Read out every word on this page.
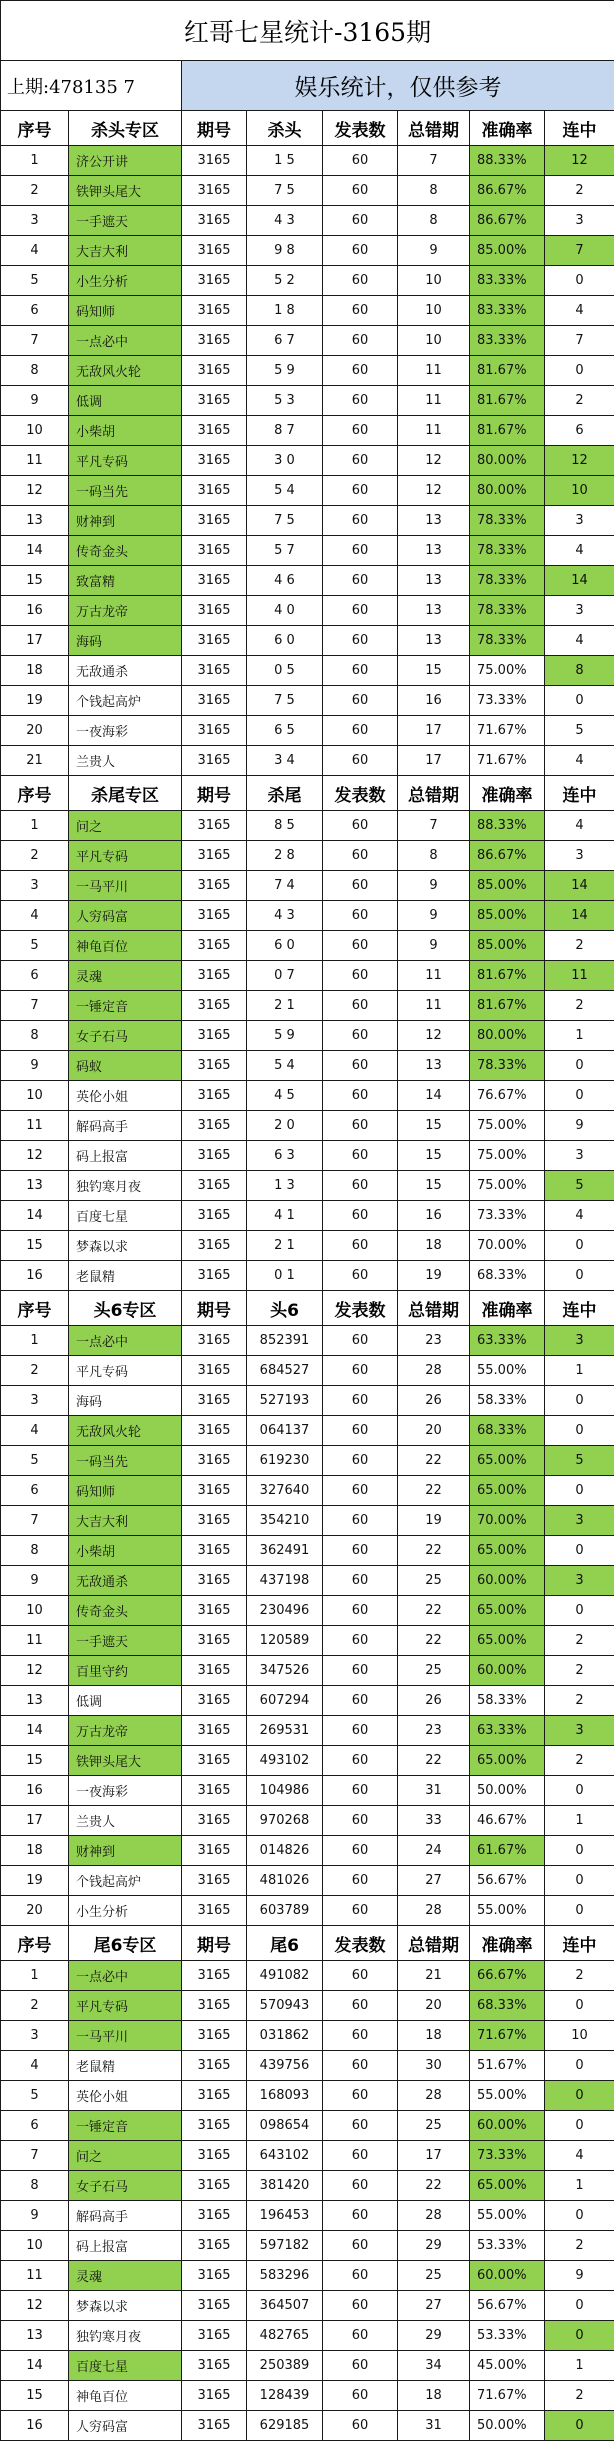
红哥七星统计-3165期							
上期:478135 7		娱乐统计，仅供参考					
序号	杀头专区	期号	杀头	发表数	总错期	准确率	连中
1	济公开讲	3165	1 5	60	7	88.33%	12
2	铁钾头尾大	3165	7 5	60	8	86.67%	2
3	一手遮天	3165	4 3	60	8	86.67%	3
4	大吉大利	3165	9 8	60	9	85.00%	7
5	小生分析	3165	5 2	60	10	83.33%	0
6	码知师	3165	1 8	60	10	83.33%	4
7	一点必中	3165	6 7	60	10	83.33%	7
8	无敌风火轮	3165	5 9	60	11	81.67%	0
9	低调	3165	5 3	60	11	81.67%	2
10	小柴胡	3165	8 7	60	11	81.67%	6
11	平凡专码	3165	3 0	60	12	80.00%	12
12	一码当先	3165	5 4	60	12	80.00%	10
13	财神到	3165	7 5	60	13	78.33%	3
14	传奇金头	3165	5 7	60	13	78.33%	4
15	致富精	3165	4 6	60	13	78.33%	14
16	万古龙帝	3165	4 0	60	13	78.33%	3
17	海码	3165	6 0	60	13	78.33%	4
18	无敌通杀	3165	0 5	60	15	75.00%	8
19	个钱起高炉	3165	7 5	60	16	73.33%	0
20	一夜海彩	3165	6 5	60	17	71.67%	5
21	兰贵人	3165	3 4	60	17	71.67%	4
序号	杀尾专区	期号	杀尾	发表数	总错期	准确率	连中
1	问之	3165	8 5	60	7	88.33%	4
2	平凡专码	3165	2 8	60	8	86.67%	3
3	一马平川	3165	7 4	60	9	85.00%	14
4	人穷码富	3165	4 3	60	9	85.00%	14
5	神龟百位	3165	6 0	60	9	85.00%	2
6	灵魂	3165	0 7	60	11	81.67%	11
7	一锤定音	3165	2 1	60	11	81.67%	2
8	女子石马	3165	5 9	60	12	80.00%	1
9	码蚁	3165	5 4	60	13	78.33%	0
10	英伦小姐	3165	4 5	60	14	76.67%	0
11	解码高手	3165	2 0	60	15	75.00%	9
12	码上报富	3165	6 3	60	15	75.00%	3
13	独钓寒月夜	3165	1 3	60	15	75.00%	5
14	百度七星	3165	4 1	60	16	73.33%	4
15	梦森以求	3165	2 1	60	18	70.00%	0
16	老鼠精	3165	0 1	60	19	68.33%	0
序号	头6专区	期号	头6	发表数	总错期	准确率	连中
1	一点必中	3165	852391	60	23	63.33%	3
2	平凡专码	3165	684527	60	28	55.00%	1
3	海码	3165	527193	60	26	58.33%	0
4	无敌风火轮	3165	064137	60	20	68.33%	0
5	一码当先	3165	619230	60	22	65.00%	5
6	码知师	3165	327640	60	22	65.00%	0
7	大吉大利	3165	354210	60	19	70.00%	3
8	小柴胡	3165	362491	60	22	65.00%	0
9	无敌通杀	3165	437198	60	25	60.00%	3
10	传奇金头	3165	230496	60	22	65.00%	0
11	一手遮天	3165	120589	60	22	65.00%	2
12	百里守约	3165	347526	60	25	60.00%	2
13	低调	3165	607294	60	26	58.33%	2
14	万古龙帝	3165	269531	60	23	63.33%	3
15	铁钾头尾大	3165	493102	60	22	65.00%	2
16	一夜海彩	3165	104986	60	31	50.00%	0
17	兰贵人	3165	970268	60	33	46.67%	1
18	财神到	3165	014826	60	24	61.67%	0
19	个钱起高炉	3165	481026	60	27	56.67%	0
20	小生分析	3165	603789	60	28	55.00%	0
序号	尾6专区	期号	尾6	发表数	总错期	准确率	连中
1	一点必中	3165	491082	60	21	66.67%	2
2	平凡专码	3165	570943	60	20	68.33%	0
3	一马平川	3165	031862	60	18	71.67%	10
4	老鼠精	3165	439756	60	30	51.67%	0
5	英伦小姐	3165	168093	60	28	55.00%	0
6	一锤定音	3165	098654	60	25	60.00%	0
7	问之	3165	643102	60	17	73.33%	4
8	女子石马	3165	381420	60	22	65.00%	1
9	解码高手	3165	196453	60	28	55.00%	0
10	码上报富	3165	597182	60	29	53.33%	2
11	灵魂	3165	583296	60	25	60.00%	9
12	梦森以求	3165	364507	60	27	56.67%	0
13	独钓寒月夜	3165	482765	60	29	53.33%	0
14	百度七星	3165	250389	60	34	45.00%	1
15	神龟百位	3165	128439	60	18	71.67%	2
16	人穷码富	3165	629185	60	31	50.00%	0
